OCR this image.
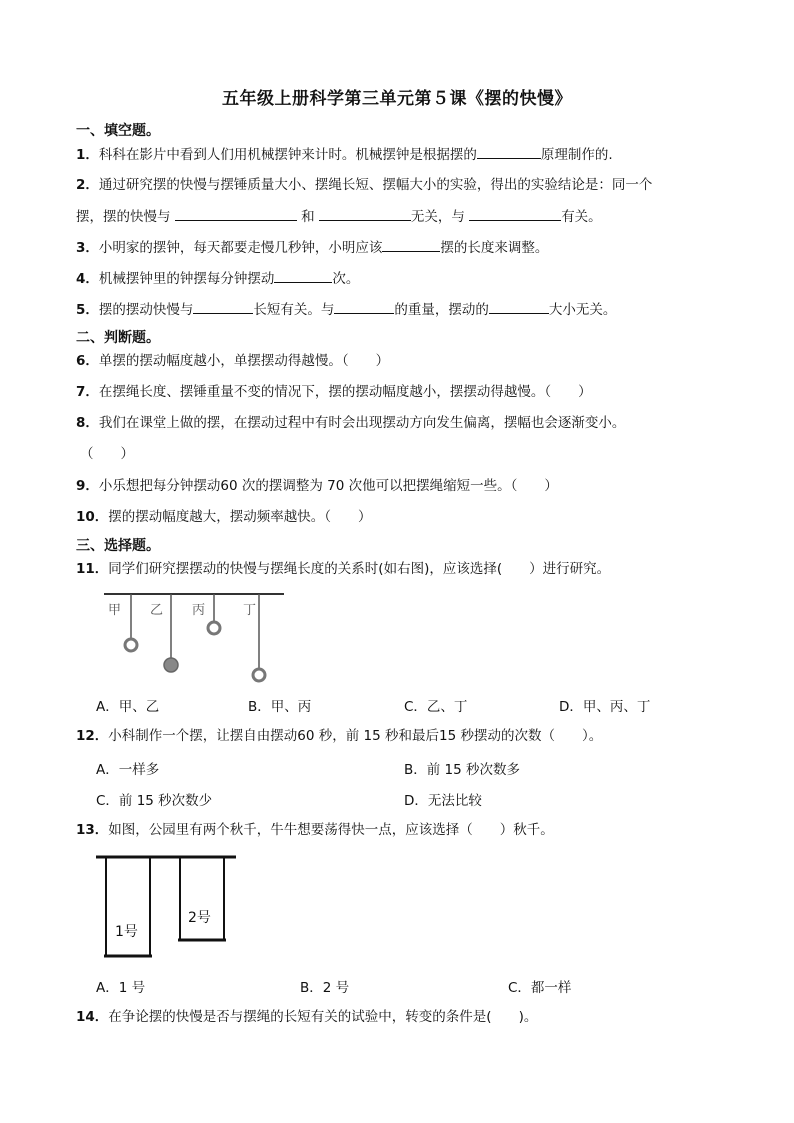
五年级上册科学第三单元第５课《摆的快慢》
一、填空题。
1．科科在影片中看到人们用机械摆钟来计时。机械摆钟是根据摆的	原理制作的.
2．通过研究摆的快慢与摆锤质量大小、摆绳长短、摆幅大小的实验，得出的实验结论是：同一个
摆，摆的快慢与	和	无关，与	有关。
3．小明家的摆钟，每天都要走慢几秒钟，小明应该	摆的长度来调整。
4．机械摆钟里的钟摆每分钟摆动	次。
5．摆的摆动快慢与	长短有关。与	的重量，摆动的	大小无关。
二、判断题。
6．单摆的摆动幅度越小，单摆摆动得越慢。（　　）
7．在摆绳长度、摆锤重量不变的情况下，摆的摆动幅度越小，摆摆动得越慢。（　　）
8．我们在课堂上做的摆，在摆动过程中有时会出现摆动方向发生偏离，摆幅也会逐渐变小。
（　　）
9．小乐想把每分钟摆动60 次的摆调整为 70 次他可以把摆绳缩短一些。（　　）
10．摆的摆动幅度越大，摆动频率越快。（　　）
三、选择题。
11．同学们研究摆摆动的快慢与摆绳长度的关系时(如右图)，应该选择(　　）进行研究。
甲 乙 丙	丁
A．甲、乙	B．甲、丙	C．乙、丁	D．甲、丙、丁
12．小科制作一个摆，让摆自由摆动60 秒，前 15 秒和最后15 秒摆动的次数（　　）。
A．一样多	B．前 15 秒次数多
C．前 15 秒次数少	D．无法比较
13．如图，公园里有两个秋千，牛牛想要荡得快一点，应该选择（　　）秋千。
1号
2号
A．1 号	B．2 号	C．都一样
14．在争论摆的快慢是否与摆绳的长短有关的试验中，转变的条件是(　　)。
